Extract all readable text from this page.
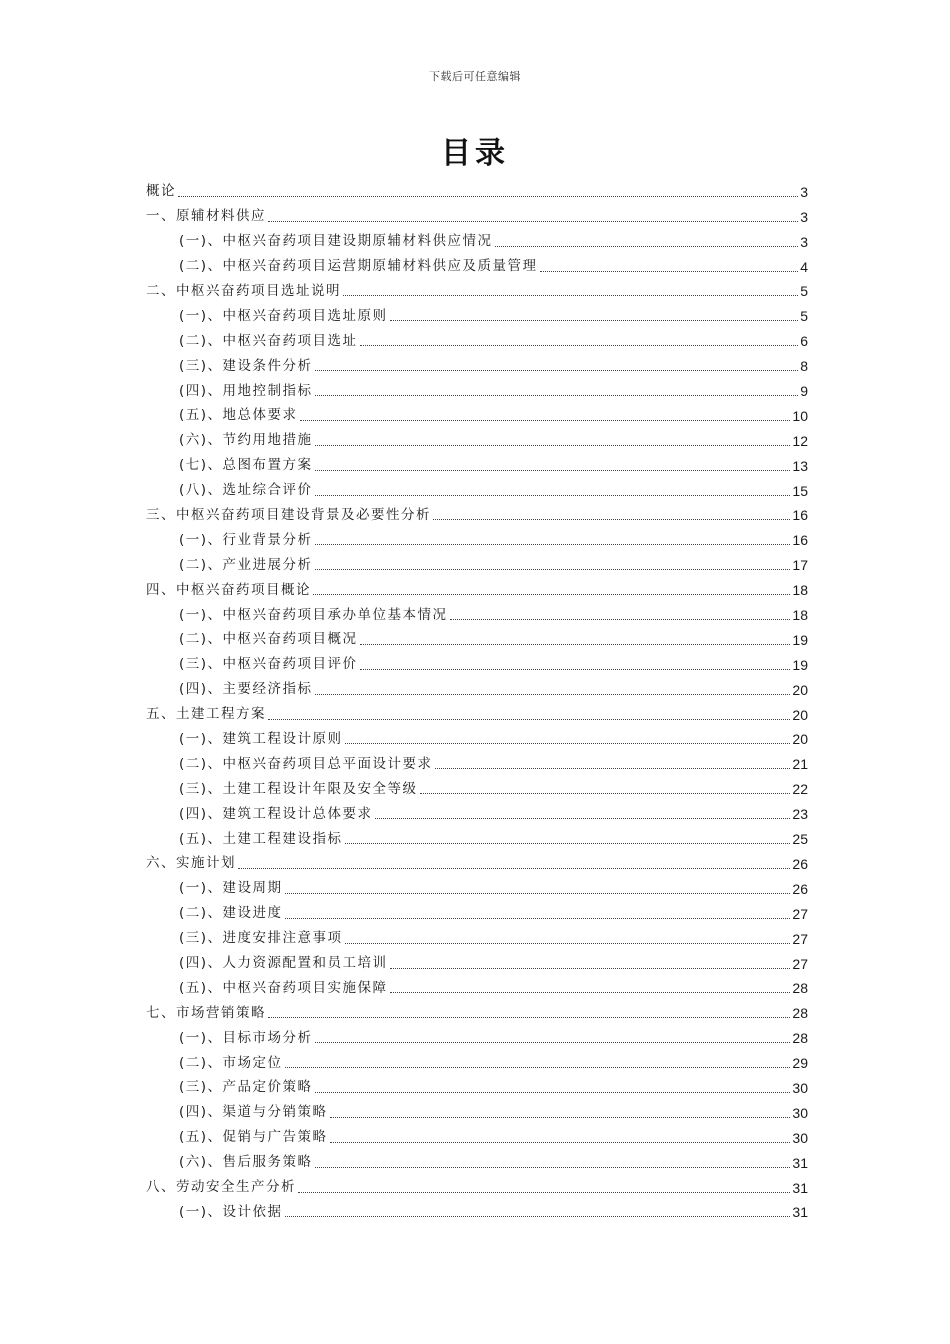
下载后可任意编辑
目录
概论	3
一、原辅材料供应	3
(一)、中枢兴奋药项目建设期原辅材料供应情况	3
(二)、中枢兴奋药项目运营期原辅材料供应及质量管理	4
二、中枢兴奋药项目选址说明	5
(一)、中枢兴奋药项目选址原则	5
(二)、中枢兴奋药项目选址	6
(三)、建设条件分析	8
(四)、用地控制指标	9
(五)、地总体要求	10
(六)、节约用地措施	12
(七)、总图布置方案	13
(八)、选址综合评价	15
三、中枢兴奋药项目建设背景及必要性分析	16
(一)、行业背景分析	16
(二)、产业进展分析	17
四、中枢兴奋药项目概论	18
(一)、中枢兴奋药项目承办单位基本情况	18
(二)、中枢兴奋药项目概况	19
(三)、中枢兴奋药项目评价	19
(四)、主要经济指标	20
五、土建工程方案	20
(一)、建筑工程设计原则	20
(二)、中枢兴奋药项目总平面设计要求	21
(三)、土建工程设计年限及安全等级	22
(四)、建筑工程设计总体要求	23
(五)、土建工程建设指标	25
六、实施计划	26
(一)、建设周期	26
(二)、建设进度	27
(三)、进度安排注意事项	27
(四)、人力资源配置和员工培训	27
(五)、中枢兴奋药项目实施保障	28
七、市场营销策略	28
(一)、目标市场分析	28
(二)、市场定位	29
(三)、产品定价策略	30
(四)、渠道与分销策略	30
(五)、促销与广告策略	30
(六)、售后服务策略	31
八、劳动安全生产分析	31
(一)、设计依据	31
